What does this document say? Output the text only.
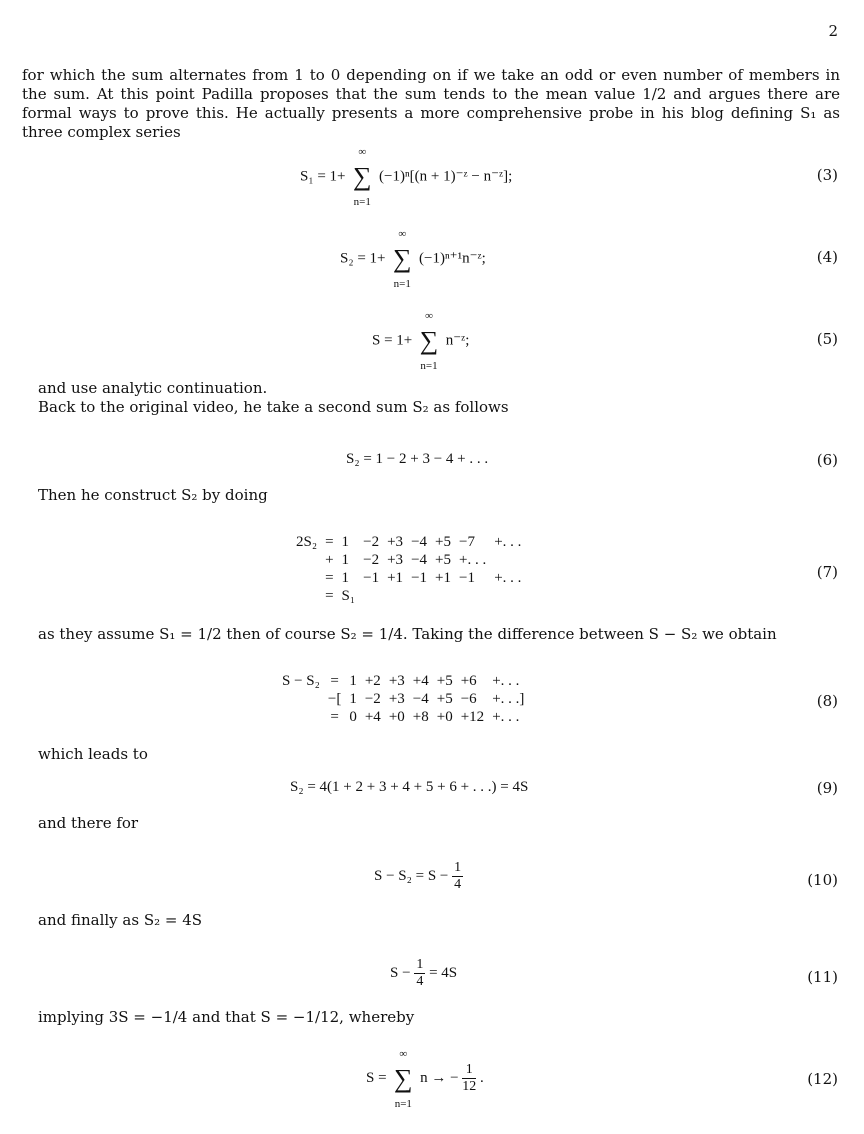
2
for which the sum alternates from 1 to 0 depending on if we take an odd or even number of members in the sum. At this point Padilla proposes that the sum tends to the mean value 1/2 and argues there are formal ways to prove this. He actually presents a more comprehensive probe in his blog defining S₁ as three complex series
S₁ = 1+
∞
∑
n=1
(−1)ⁿ[(n + 1)⁻ᶻ − n⁻ᶻ];	(3)
S₂ = 1+
∞
∑
n=1
(−1)ⁿ⁺¹n⁻ᶻ;	(4)
S = 1+
∞
∑
n=1
n⁻ᶻ;	(5)
and use analytic continuation.
Back to the original video, he take a second sum S₂ as follows
S₂ = 1 − 2 + 3 − 4 + . . .	(6)
Then he construct S₂ by doing
2S₂	=	1	−2	+3	−4	+5	−7	+. . .
	+	1	−2	+3	−4	+5	+. . .	
	=	1	−1	+1	−1	+1	−1	+. . .
	=	S₁						
(7)
as they assume S₁ = 1/2 then of course S₂ = 1/4. Taking the difference between S − S₂ we obtain
S − S₂	=	1	+2	+3	+4	+5	+6	+. . .
	−[	1	−2	+3	−4	+5	−6	+. . .]
	=	0	+4	+0	+8	+0	+12	+. . .
(8)
which leads to
S₂ = 4(1 + 2 + 3 + 4 + 5 + 6 + . . .) = 4S	(9)
and there for
$S - S_2 = S - \frac{1}{4}$	(10)
and finally as S₂ = 4S
$S - \frac{1}{4} = 4S$	(11)
implying 3S = −1/4 and that S = −1/12, whereby
S =
∞
∑
n=1
n → − $\frac{1}{12}$ .	(12)
